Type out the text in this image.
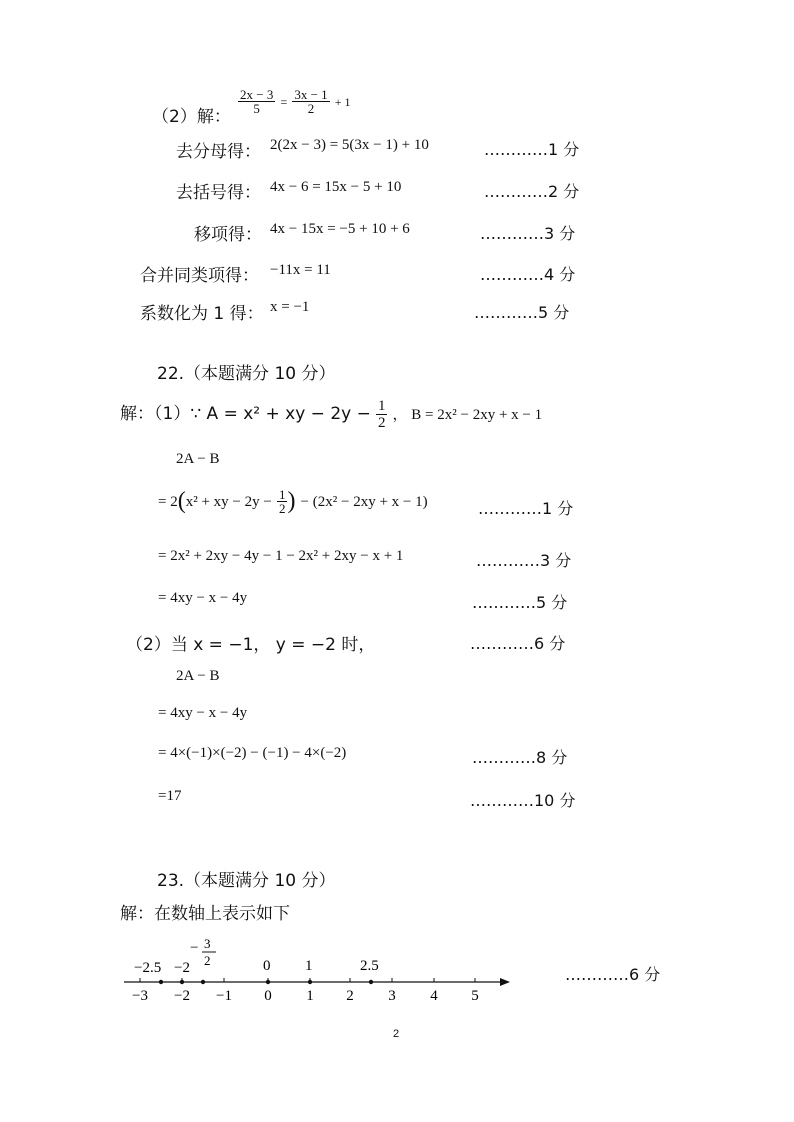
（2）解：
$\frac{2x - 3}{5} = \frac{3x - 1}{2} + 1$
去分母得： 2(2x − 3) = 5(3x − 1) + 10	…………1 分
去括号得： 4x − 6 = 15x − 5 + 10	…………2 分
移项得： 4x − 15x = −5 + 10 + 6	…………3 分
合并同类项得： −11x = 11	…………4 分
系数化为 1 得： x = −1	…………5 分
22.（本题满分 10 分）
解：（1）∵ A = x² + xy − $2y - \frac{1}{2}$ ， B = 2x² − 2xy + x − 1
2A − B
= 2(x² + xy − $2y - \frac{1}{2}$ ) − (2x² − 2xy + x − 1)	…………1 分
= 2x² + 2xy − 4y − 1 − 2x² + 2xy − x + 1	…………3 分
= 4xy − x − 4y	…………5 分
（2）当 x = −1， y = −2 时，	…………6 分
2A − B
= 4xy − x − 4y
= 4×(−1)×(−2) − (−1) − 4×(−2)	…………8 分
=17	…………10 分
23.（本题满分 10 分）
解：在数轴上表示如下
…………6 分
−3 −2 −1 0 1 2 3 4 5
−2.5 −2
− 3
2	0 1	2.5
2
